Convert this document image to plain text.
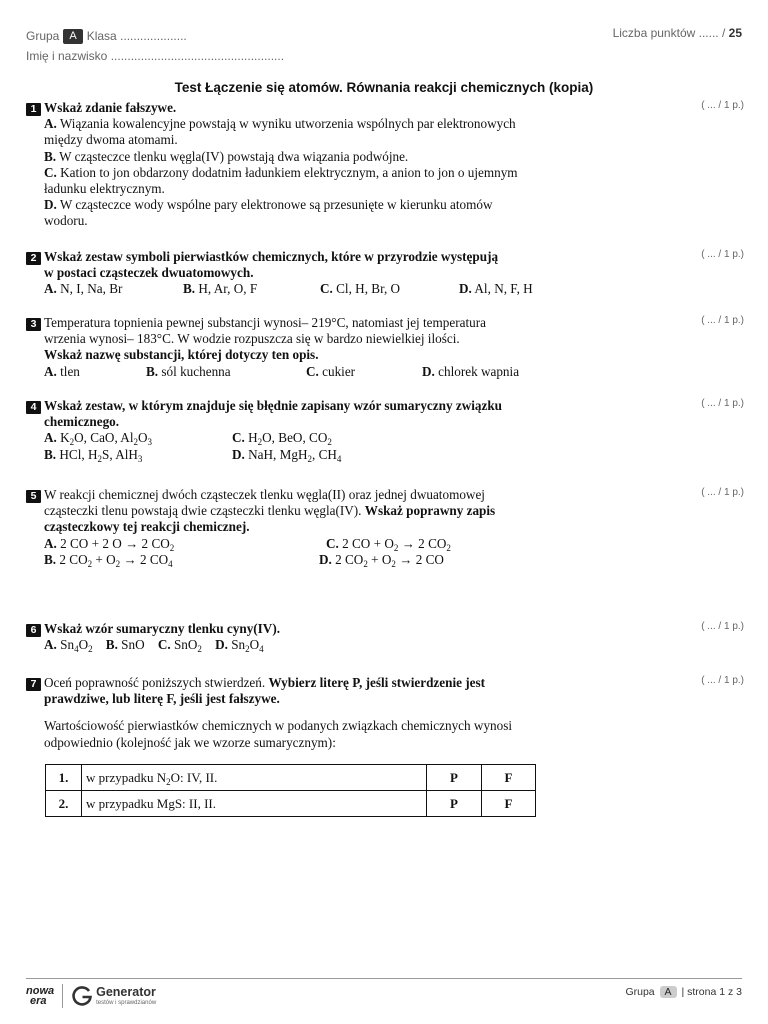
Grupa A Klasa ....................
Imię i nazwisko ....................................................
Liczba punktów ...... / 25
Test Łączenie się atomów. Równania reakcji chemicznych (kopia)
1 Wskaż zdanie fałszywe.
A. Wiązania kowalencyjne powstają w wyniku utworzenia wspólnych par elektronowych
między dwoma atomami.
B. W cząsteczce tlenku węgla(IV) powstają dwa wiązania podwójne.
C. Kation to jon obdarzony dodatnim ładunkiem elektrycznym, a anion to jon o ujemnym
ładunku elektrycznym.
D. W cząsteczce wody wspólne pary elektronowe są przesunięte w kierunku atomów
wodoru.
( ... / 1 p.)
2 Wskaż zestaw symboli pierwiastków chemicznych, które w przyrodzie występują
w postaci cząsteczek dwuatomowych.
A. N, I, Na, Br	B. H, Ar, O, F	C. Cl, H, Br, O	D. Al, N, F, H
( ... / 1 p.)
3 Temperatura topnienia pewnej substancji wynosi– 219°C, natomiast jej temperatura
wrzenia wynosi– 183°C. W wodzie rozpuszcza się w bardzo niewielkiej ilości.
Wskaż nazwę substancji, której dotyczy ten opis.
A. tlen	B. sól kuchenna	C. cukier	D. chlorek wapnia
( ... / 1 p.)
4 Wskaż zestaw, w którym znajduje się błędnie zapisany wzór sumaryczny związku
chemicznego.
A. $K_2O$, CaO, $Al_2O_3$	C. $H_2O$, BeO, $CO_2$
B. HCl, $H_2S$, AlH$_3$	D. NaH, MgH$_2$, $CH_4$
( ... / 1 p.)
5 W reakcji chemicznej dwóch cząsteczek tlenku węgla(II) oraz jednej dwuatomowej
cząsteczki tlenu powstają dwie cząsteczki tlenku węgla(IV). Wskaż poprawny zapis
cząsteczkowy tej reakcji chemicznej.
A. 2 CO + 2 O → 2 $CO_2$	C. 2 CO + $O_2 \to 2$ $CO_2$
B. 2 $CO_2 + O_2 \to 2$ $CO_4$	D. 2 $CO_2 + O_2 \to 2$ CO
( ... / 1 p.)
6 Wskaż wzór sumaryczny tlenku cyny(IV).
A. $Sn_4O_2$ B. SnO C. SnO$_2$ D. $Sn_2O_4$
( ... / 1 p.)
7 Oceń poprawność poniższych stwierdzeń. Wybierz literę P, jeśli stwierdzenie jest
prawdziwe, lub literę F, jeśli jest fałszywe.
Wartościowość pierwiastków chemicznych w podanych związkach chemicznych wynosi
odpowiednio (kolejność jak we wzorze sumarycznym):
( ... / 1 p.)
1.	w przypadku $N_2O$: IV, II.	P	F
2.	w przypadku MgS: II, II.	P	F
nowa
era
Generator
testów i sprawdzianów
Grupa A | strona 1 z 3
